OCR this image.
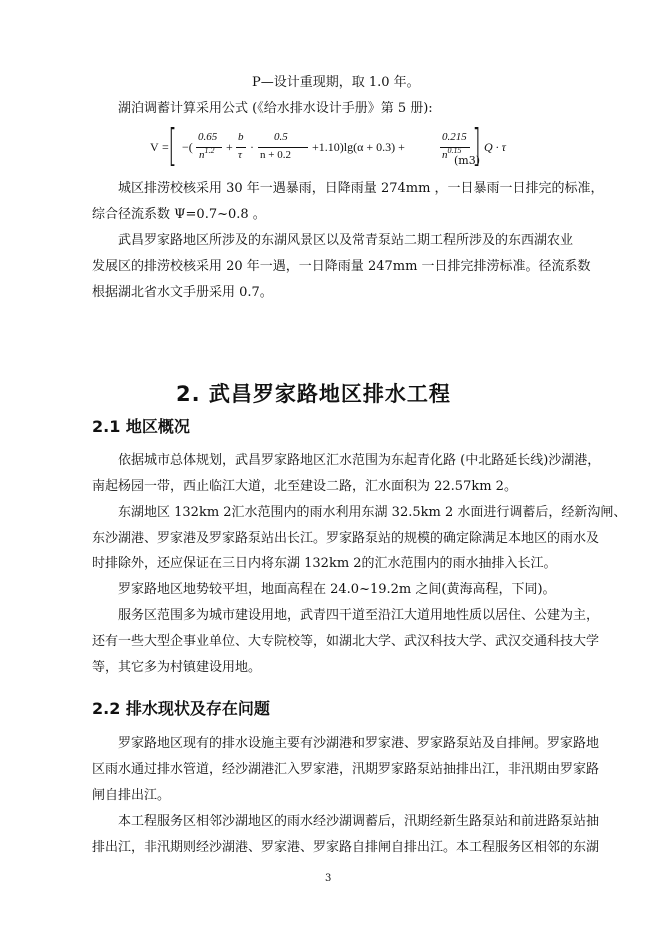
P—设计重现期，取 1.0 年。
湖泊调蓄计算采用公式 (《给水排水设计手册》第 5 册):
V = [ −(
0.65
$n^{1.2}$ +
b
τ
·
0.5
n + 0.2
+1.10)lg(α + 0.3) +
0.215
$n^{0.15}$ ] Q · τ
(m3)
城区排涝校核采用 30 年一遇暴雨，日降雨量 274mm ，一日暴雨一日排完的标准，
综合径流系数 Ψ=0.7~0.8 。
武昌罗家路地区所涉及的东湖风景区以及常青泵站二期工程所涉及的东西湖农业
发展区的排涝校核采用 20 年一遇，一日降雨量 247mm 一日排完排涝标准。径流系数
根据湖北省水文手册采用 0.7。
2. 武昌罗家路地区排水工程
2.1 地区概况
依据城市总体规划，武昌罗家路地区汇水范围为东起青化路 (中北路延长线)沙湖港，
南起杨园一带，西止临江大道，北至建设二路，汇水面积为 22.57km 2。
东湖地区 132km 2汇水范围内的雨水利用东湖 32.5km 2 水面进行调蓄后，经新沟闸、
东沙湖港、罗家港及罗家路泵站出长江。罗家路泵站的规模的确定除满足本地区的雨水及
时排除外，还应保证在三日内将东湖 132km 2的汇水范围内的雨水抽排入长江。
罗家路地区地势较平坦，地面高程在 24.0~19.2m 之间(黄海高程，下同)。
服务区范围多为城市建设用地，武青四干道至沿江大道用地性质以居住、公建为主，
还有一些大型企事业单位、大专院校等，如湖北大学、武汉科技大学、武汉交通科技大学
等，其它多为村镇建设用地。
2.2 排水现状及存在问题
罗家路地区现有的排水设施主要有沙湖港和罗家港、罗家路泵站及自排闸。罗家路地
区雨水通过排水管道，经沙湖港汇入罗家港，汛期罗家路泵站抽排出江，非汛期由罗家路
闸自排出江。
本工程服务区相邻沙湖地区的雨水经沙湖调蓄后，汛期经新生路泵站和前进路泵站抽
排出江，非汛期则经沙湖港、罗家港、罗家路自排闸自排出江。本工程服务区相邻的东湖
3
